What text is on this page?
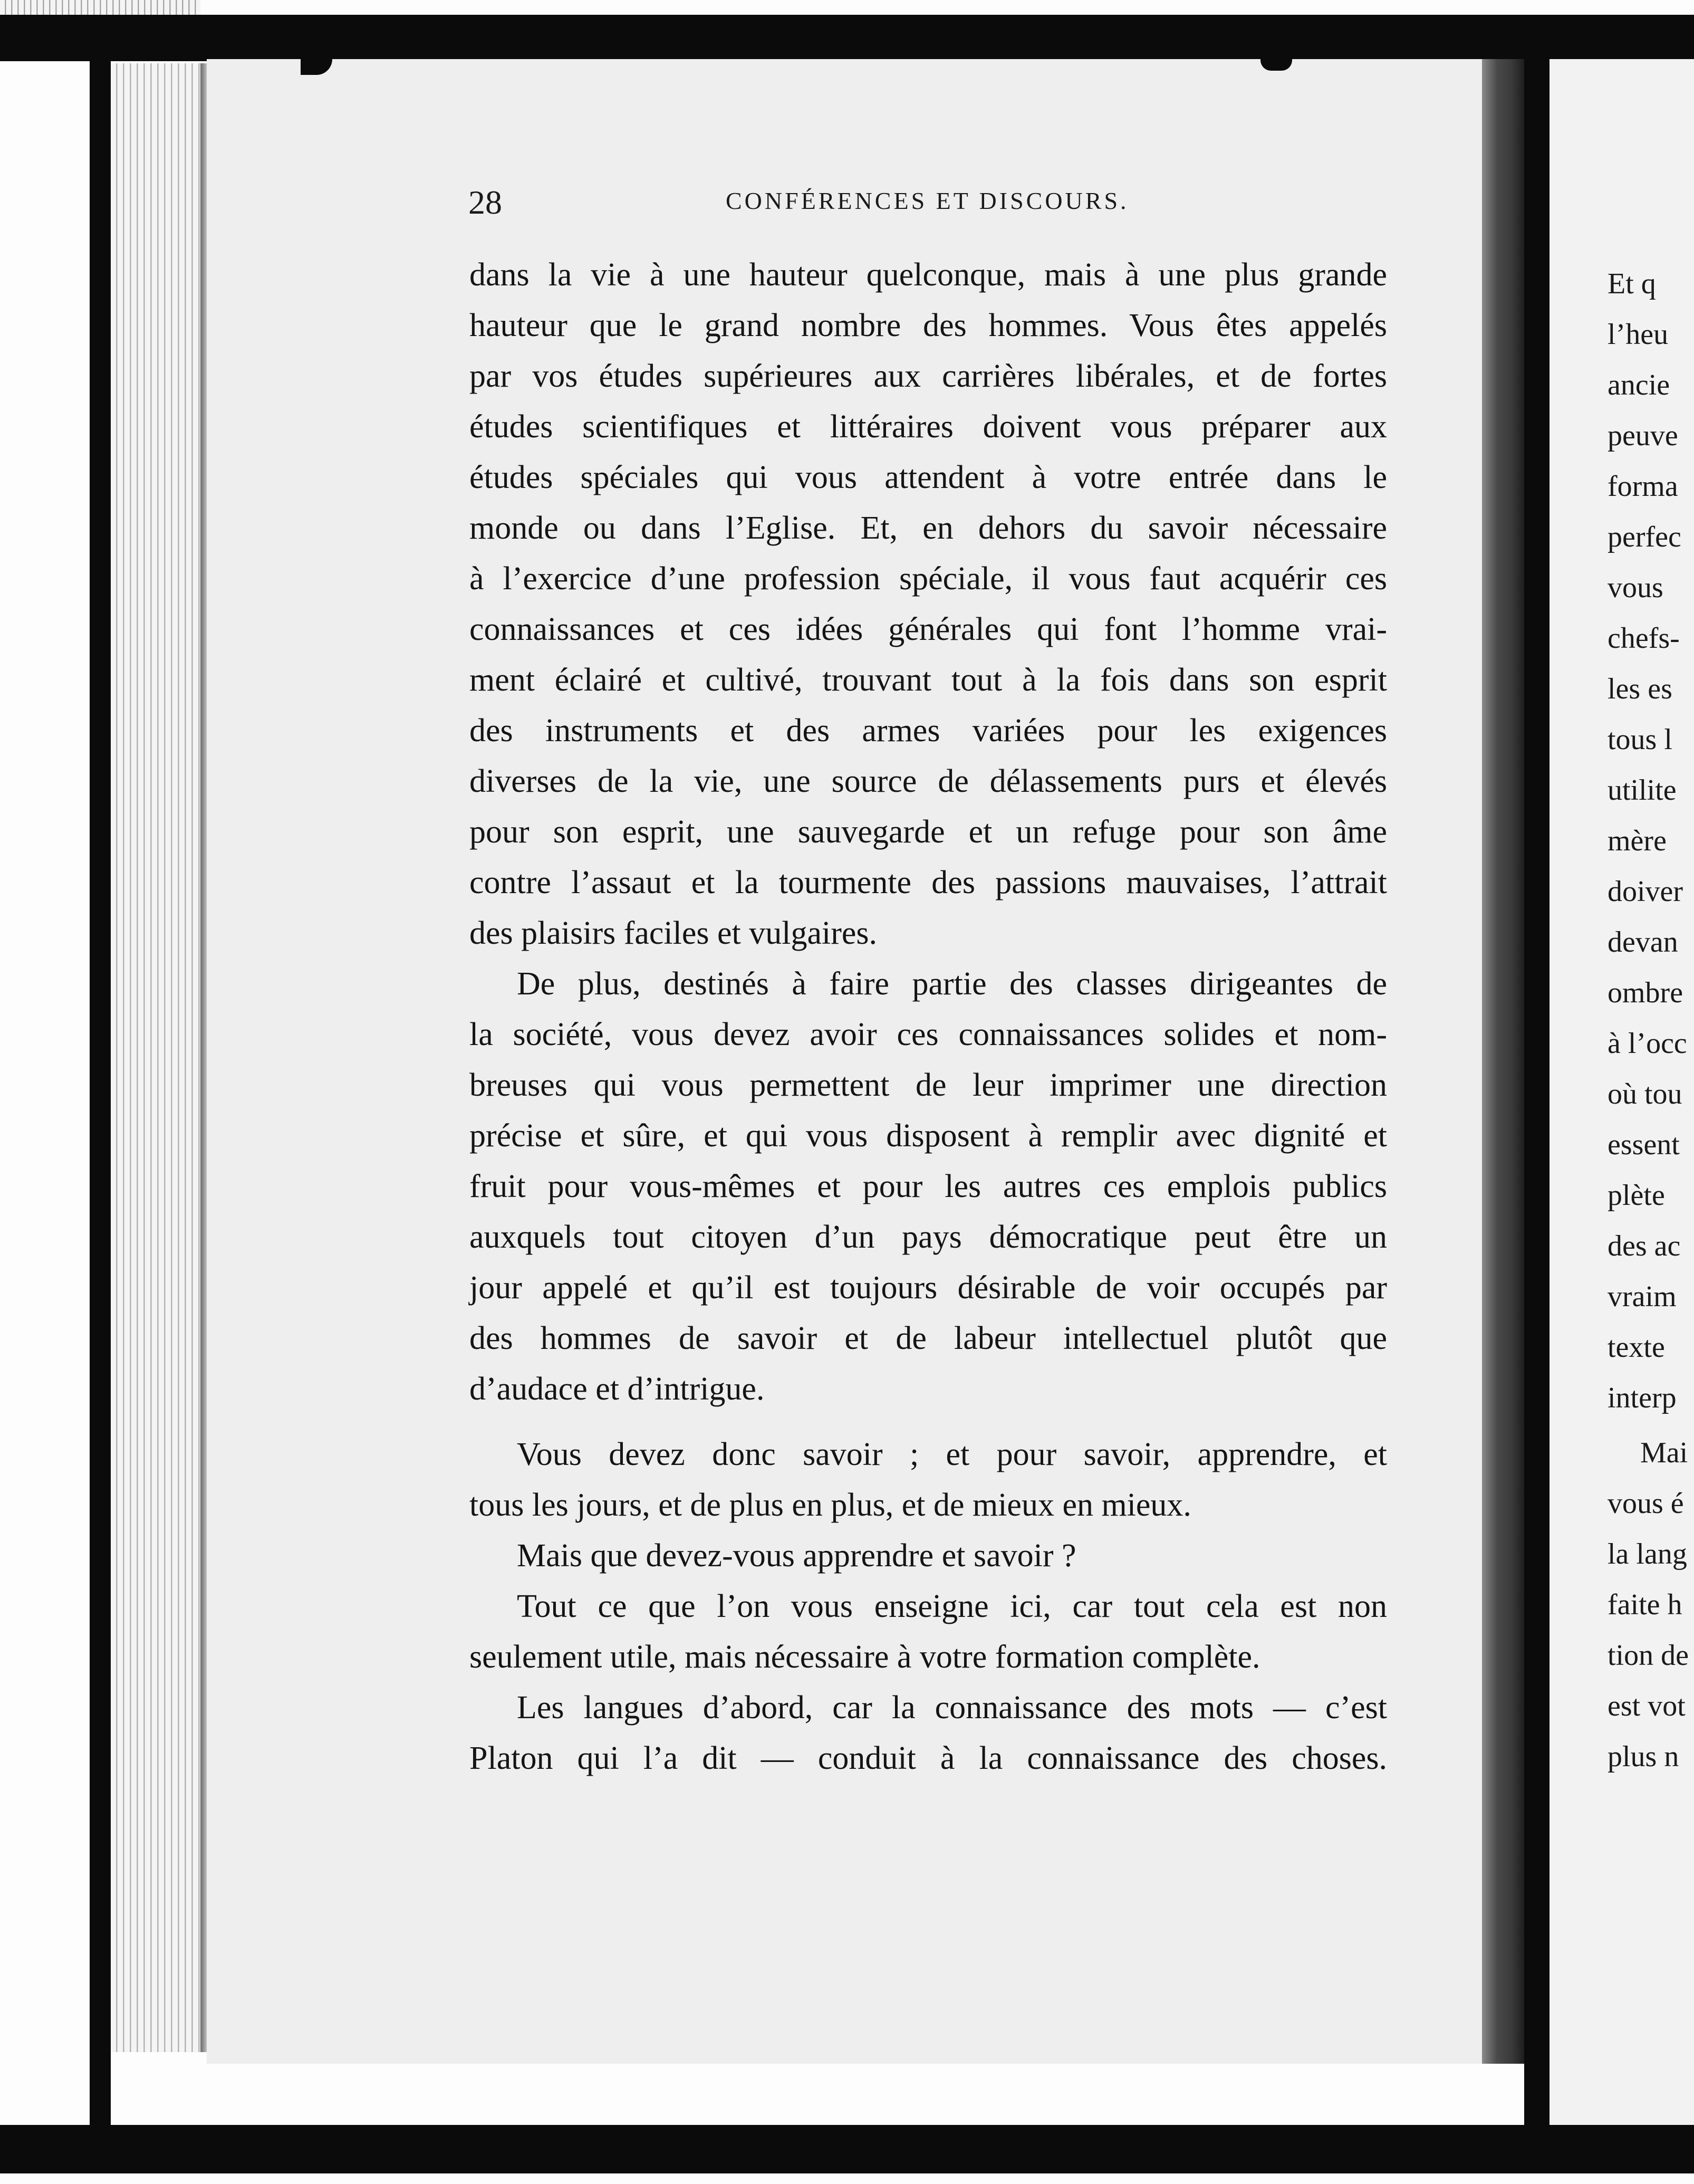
28	CONFÉRENCES ET DISCOURS.
dans la vie à une hauteur quelconque, mais à une plus grande
hauteur que le grand nombre des hommes. Vous êtes appelés
par vos études supérieures aux carrières libérales, et de fortes
études scientifiques et littéraires doivent vous préparer aux
études spéciales qui vous attendent à votre entrée dans le
monde ou dans l’Eglise. Et, en dehors du savoir nécessaire
à l’exercice d’une profession spéciale, il vous faut acquérir ces
connaissances et ces idées générales qui font l’homme vrai-
ment éclairé et cultivé, trouvant tout à la fois dans son esprit
des instruments et des armes variées pour les exigences
diverses de la vie, une source de délassements purs et élevés
pour son esprit, une sauvegarde et un refuge pour son âme
contre l’assaut et la tourmente des passions mauvaises, l’attrait
des plaisirs faciles et vulgaires.
De plus, destinés à faire partie des classes dirigeantes de
la société, vous devez avoir ces connaissances solides et nom-
breuses qui vous permettent de leur imprimer une direction
précise et sûre, et qui vous disposent à remplir avec dignité et
fruit pour vous-mêmes et pour les autres ces emplois publics
auxquels tout citoyen d’un pays démocratique peut être un
jour appelé et qu’il est toujours désirable de voir occupés par
des hommes de savoir et de labeur intellectuel plutôt que
d’audace et d’intrigue.
Vous devez donc savoir ; et pour savoir, apprendre, et
tous les jours, et de plus en plus, et de mieux en mieux.
Mais que devez-vous apprendre et savoir ?
Tout ce que l’on vous enseigne ici, car tout cela est non
seulement utile, mais nécessaire à votre formation complète.
Les langues d’abord, car la connaissance des mots — c’est
Platon qui l’a dit — conduit à la connaissance des choses.
Et q
l’heu
ancie
peuve
forma
perfec
vous
chefs-
les es
tous l
utilite
mère
doiver
devan
ombre
à l’occ
où tou
essent
plète
des ac
vraim
texte
interp
Mai
vous é
la lang
faite h
tion de
est vot
plus n
